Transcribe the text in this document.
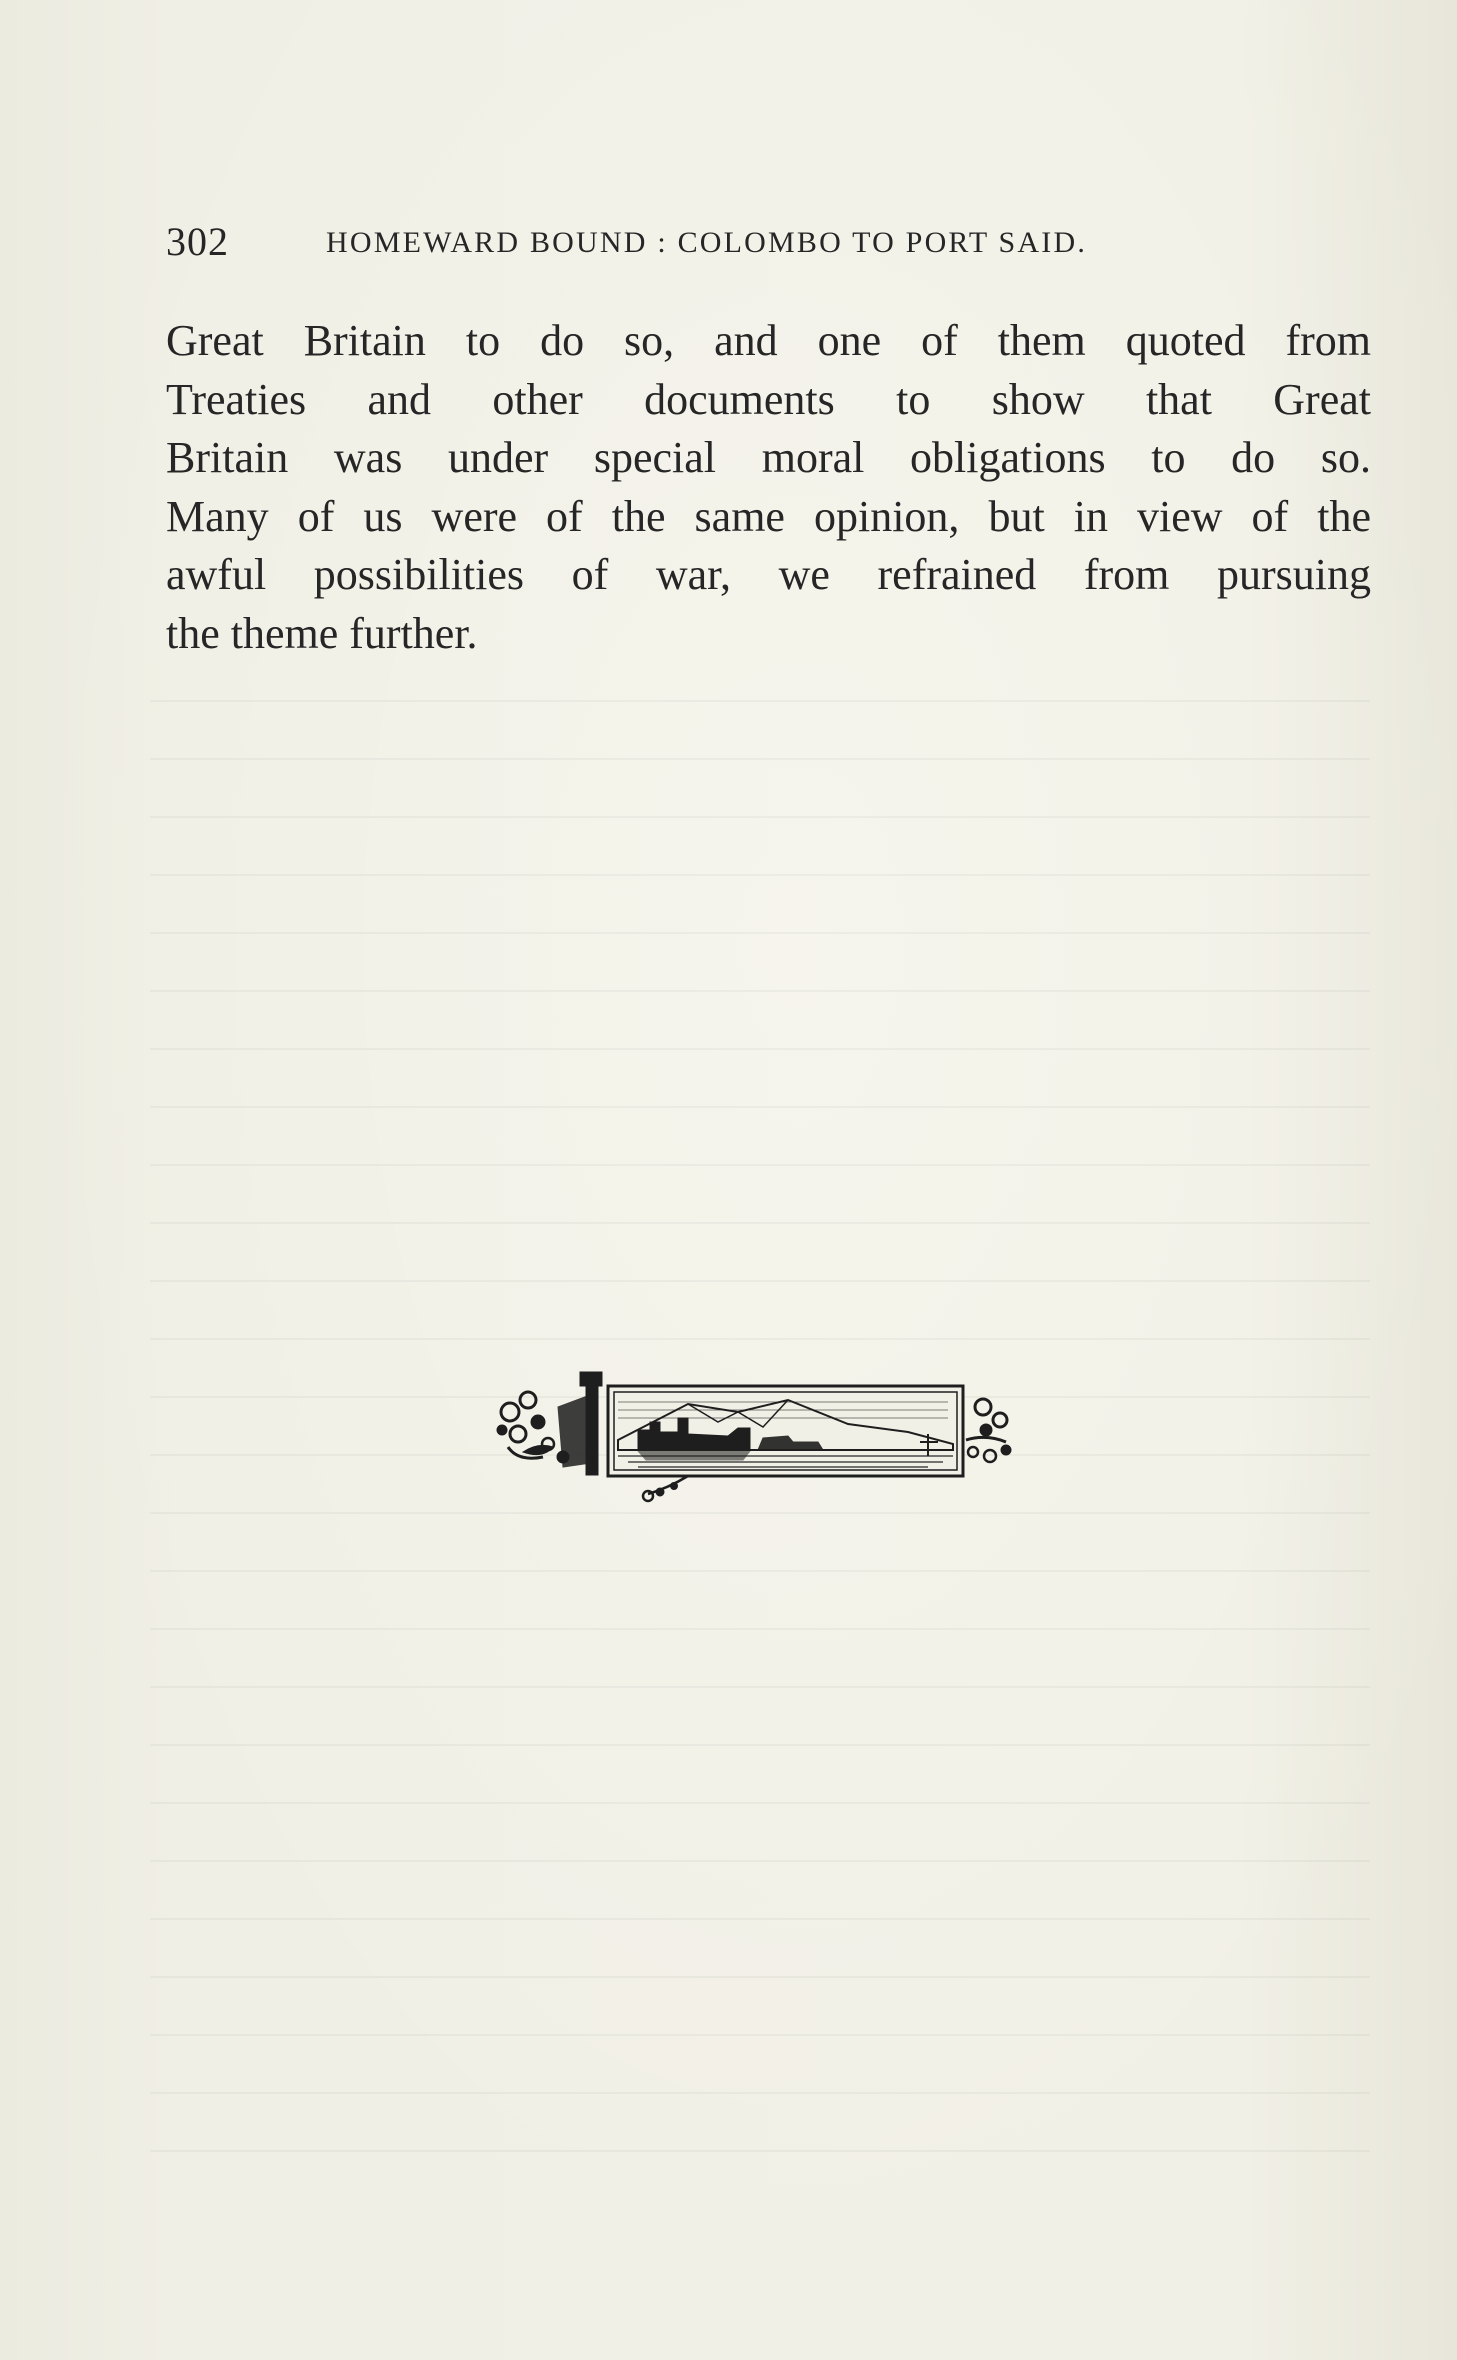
302	HOMEWARD BOUND : COLOMBO TO PORT SAID.
Great Britain to do so, and one of them quoted from
Treaties and other documents to show that Great
Britain was under special moral obligations to do so.
Many of us were of the same opinion, but in view of the
awful possibilities of war, we refrained from pursuing
the theme further.
